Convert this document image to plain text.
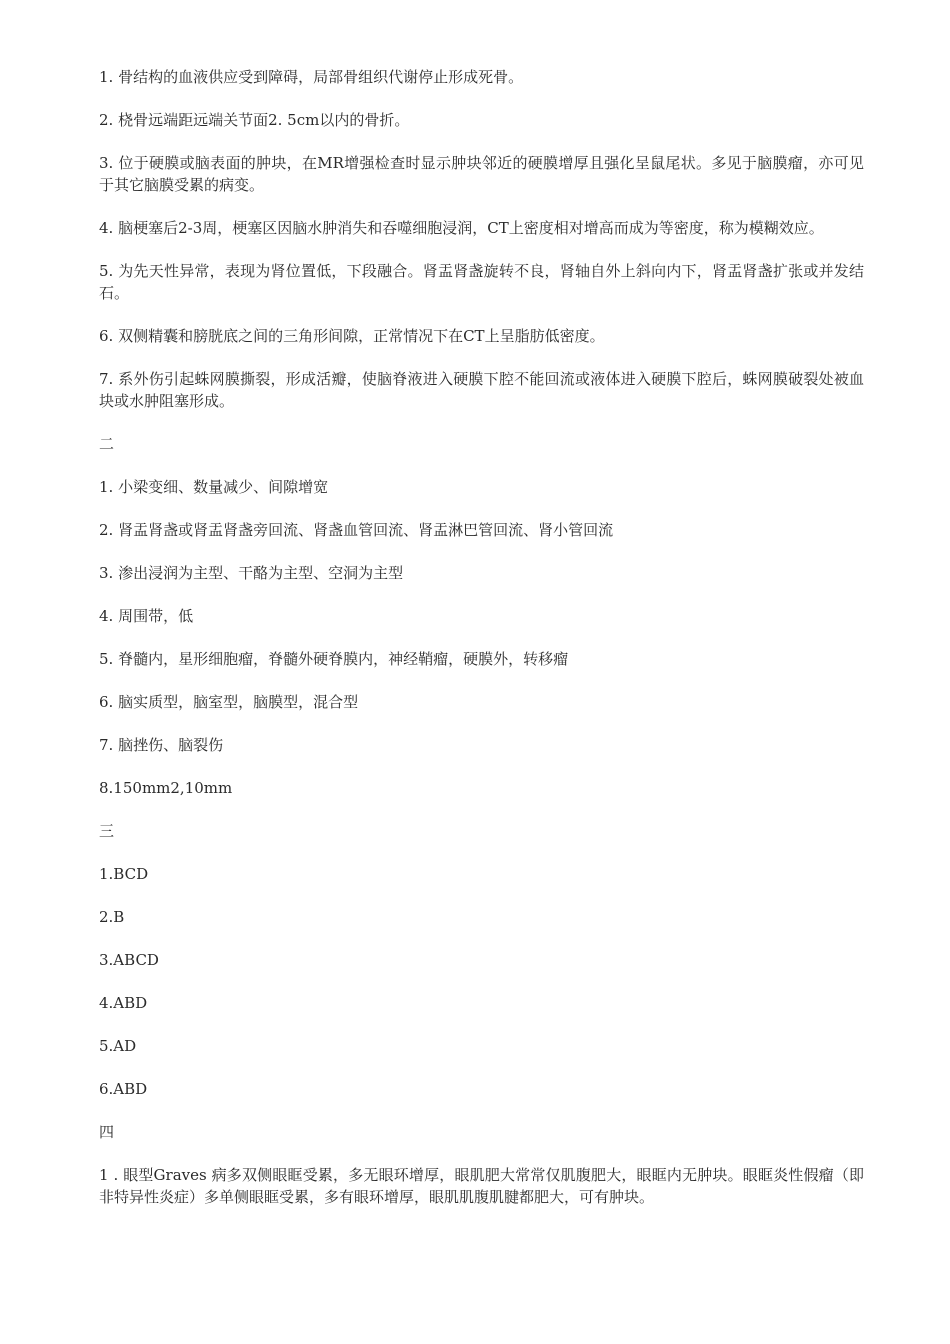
1. 骨结构的血液供应受到障碍，局部骨组织代谢停止形成死骨。

2. 桡骨远端距远端关节面2. 5cm以内的骨折。

3. 位于硬膜或脑表面的肿块，在MR增强检查时显示肿块邻近的硬膜增厚且强化呈鼠尾状。多见于脑膜瘤，亦可见于其它脑膜受累的病变。

4. 脑梗塞后2-3周，梗塞区因脑水肿消失和吞噬细胞浸润，CT上密度相对增高而成为等密度，称为模糊效应。

5. 为先天性异常，表现为肾位置低，下段融合。肾盂肾盏旋转不良，肾轴自外上斜向内下，肾盂肾盏扩张或并发结石。

6. 双侧精囊和膀胱底之间的三角形间隙，正常情况下在CT上呈脂肪低密度。

7. 系外伤引起蛛网膜撕裂，形成活瓣，使脑脊液进入硬膜下腔不能回流或液体进入硬膜下腔后，蛛网膜破裂处被血块或水肿阻塞形成。

二

1. 小梁变细、数量减少、间隙增宽

2. 肾盂肾盏或肾盂肾盏旁回流、肾盏血管回流、肾盂淋巴管回流、肾小管回流

3. 渗出浸润为主型、干酪为主型、空洞为主型

4. 周围带，低

5. 脊髓内，星形细胞瘤，脊髓外硬脊膜内，神经鞘瘤，硬膜外，转移瘤

6. 脑实质型，脑室型，脑膜型，混合型

7. 脑挫伤、脑裂伤

8.150mm2,10mm

三

1.BCD

2.B

3.ABCD

4.ABD

5.AD

6.ABD

四

1 . 眼型Graves 病多双侧眼眶受累，多无眼环增厚，眼肌肥大常常仅肌腹肥大，眼眶内无肿块。眼眶炎性假瘤（即非特异性炎症）多单侧眼眶受累，多有眼环增厚，眼肌肌腹肌腱都肥大，可有肿块。
